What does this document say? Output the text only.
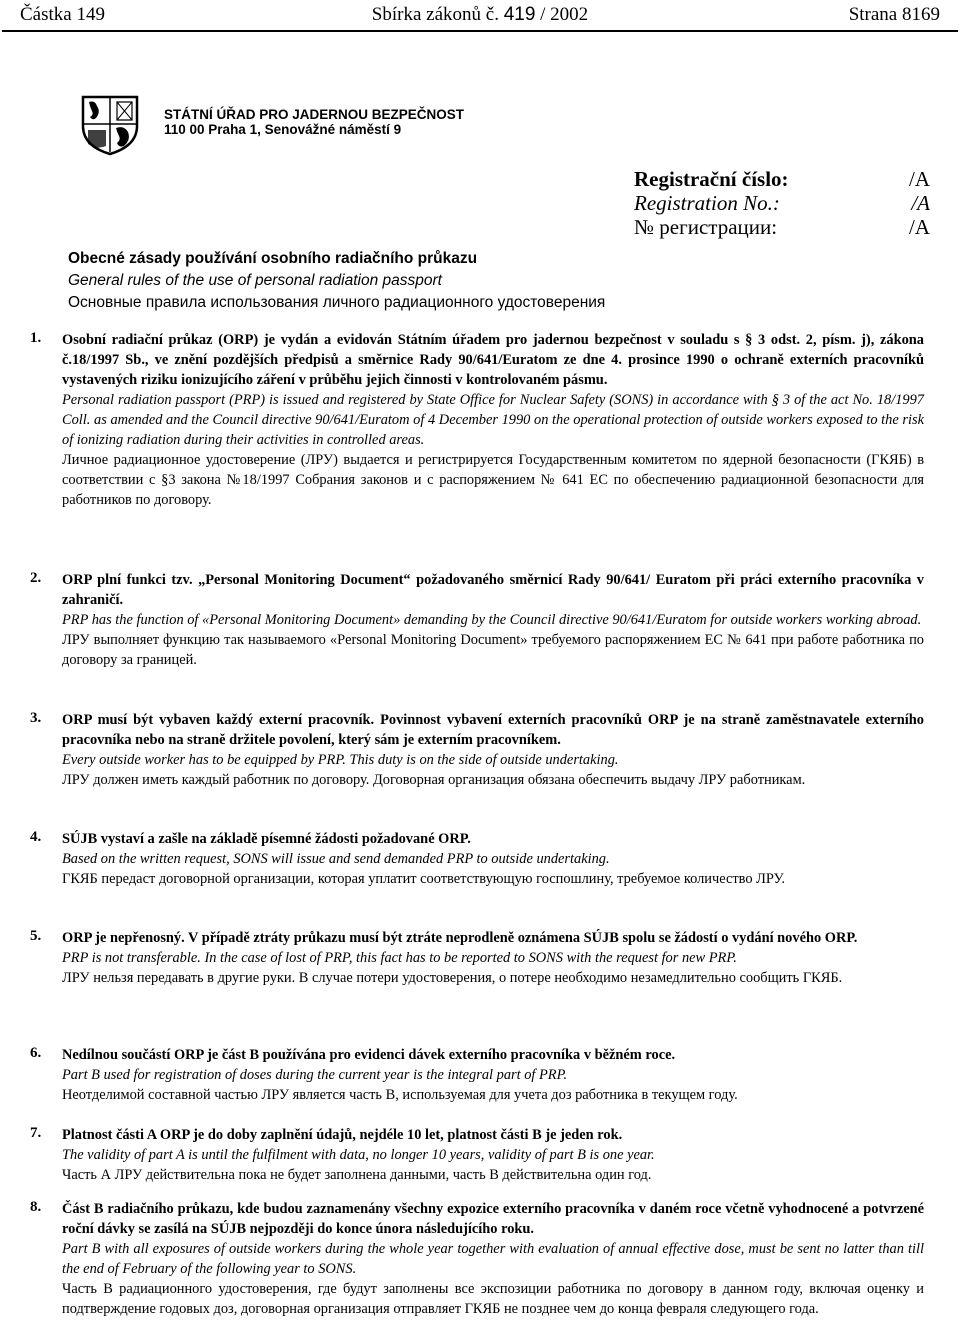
Částka 149	Sbírka zákonů č. 419 / 2002	Strana 8169
STÁTNÍ ÚŘAD PRO JADERNOU BEZPEČNOST
110 00 Praha 1, Senovážné náměstí 9
Registrační číslo:	/A
Registration No.:	/A
№ регистрации:	/A
Obecné zásady používání osobního radiačního průkazu
General rules of the use of personal radiation passport
Основные правила использования личного радиационного удостоверения
1. Osobní radiační průkaz (ORP) je vydán a evidován Státním úřadem pro jadernou bezpečnost v souladu s § 3 odst. 2, písm. j), zákona č.18/1997 Sb., ve znění pozdějších předpisů a směrnice Rady 90/641/Euratom ze dne 4. prosince 1990 o ochraně externích pracovníků vystavených riziku ionizujícího záření v průběhu jejich činnosti v kontrolovaném pásmu.

Personal radiation passport (PRP) is issued and registered by State Office for Nuclear Safety (SONS) in accordance with § 3 of the act No. 18/1997 Coll. as amended and the Council directive 90/641/Euratom of 4 December 1990 on the operational protection of outside workers exposed to the risk of ionizing radiation during their activities in controlled areas.

Личное радиационное удостоверение (ЛРУ) выдается и регистрируется Государственным комитетом по ядерной безопасности (ГКЯБ) в соответствии с §3 закона №18/1997 Собрания законов и с распоряжением № 641 ЕС по обеспечению радиационной безопасности для работников по договору.

2. ORP plní funkci tzv. „Personal Monitoring Document“ požadovaného směrnicí Rady 90/641/ Euratom při práci externího pracovníka v zahraničí.

PRP has the function of «Personal Monitoring Document» demanding by the Council directive 90/641/Euratom for outside workers working abroad.

ЛРУ выполняет функцию так называемого «Personal Monitoring Document» требуемого распоряжением ЕС № 641 при работе работника по договору за границей.

3. ORP musí být vybaven každý externí pracovník. Povinnost vybavení externích pracovníků ORP je na straně zaměstnavatele externího pracovníka nebo na straně držitele povolení, který sám je externím pracovníkem.

Every outside worker has to be equipped by PRP. This duty is on the side of outside undertaking.

ЛРУ должен иметь каждый работник по договору. Договорная организация обязана обеспечить выдачу ЛРУ работникам.

4. SÚJB vystaví a zašle na základě písemné žádosti požadované ORP.

Based on the written request, SONS will issue and send demanded PRP to outside undertaking.

ГКЯБ передаст договорной организации, которая уплатит соответствующую госпошлину, требуемое количество ЛРУ.

5. ORP je nepřenosný. V případě ztráty průkazu musí být ztráte neprodleně oznámena SÚJB spolu se žádostí o vydání nového ORP.

PRP is not transferable. In the case of lost of PRP, this fact has to be reported to SONS with the request for new PRP.

ЛРУ нельзя передавать в другие руки. В случае потери удостоверения, о потере необходимо незамедлительно сообщить ГКЯБ.

6. Nedílnou součástí ORP je část B používána pro evidenci dávek externího pracovníka v běžném roce.

Part B used for registration of doses during the current year is the integral part of PRP.

Неотделимой составной частью ЛРУ является часть В, используемая для учета доз работника в текущем году.

7. Platnost části A ORP je do doby zaplnění údajů, nejdéle 10 let, platnost části B je jeden rok.

The validity of part A is until the fulfilment with data, no longer 10 years, validity of part B is one year.

Часть А ЛРУ действительна пока не будет заполнена данными, часть В действительна один год.

8. Část B radiačního průkazu, kde budou zaznamenány všechny expozice externího pracovníka v daném roce včetně vyhodnocené a potvrzené roční dávky se zasílá na SÚJB nejpozději do konce února následujícího roku.

Part B with all exposures of outside workers during the whole year together with evaluation of annual effective dose, must be sent no latter than till the end of February of the following year to SONS.

Часть В радиационного удостоверения, где будут заполнены все экспозиции работника по договору в данном году, включая оценку и подтверждение годовых доз, договорная организация отправляет ГКЯБ не позднее чем до конца февраля следующего года.
